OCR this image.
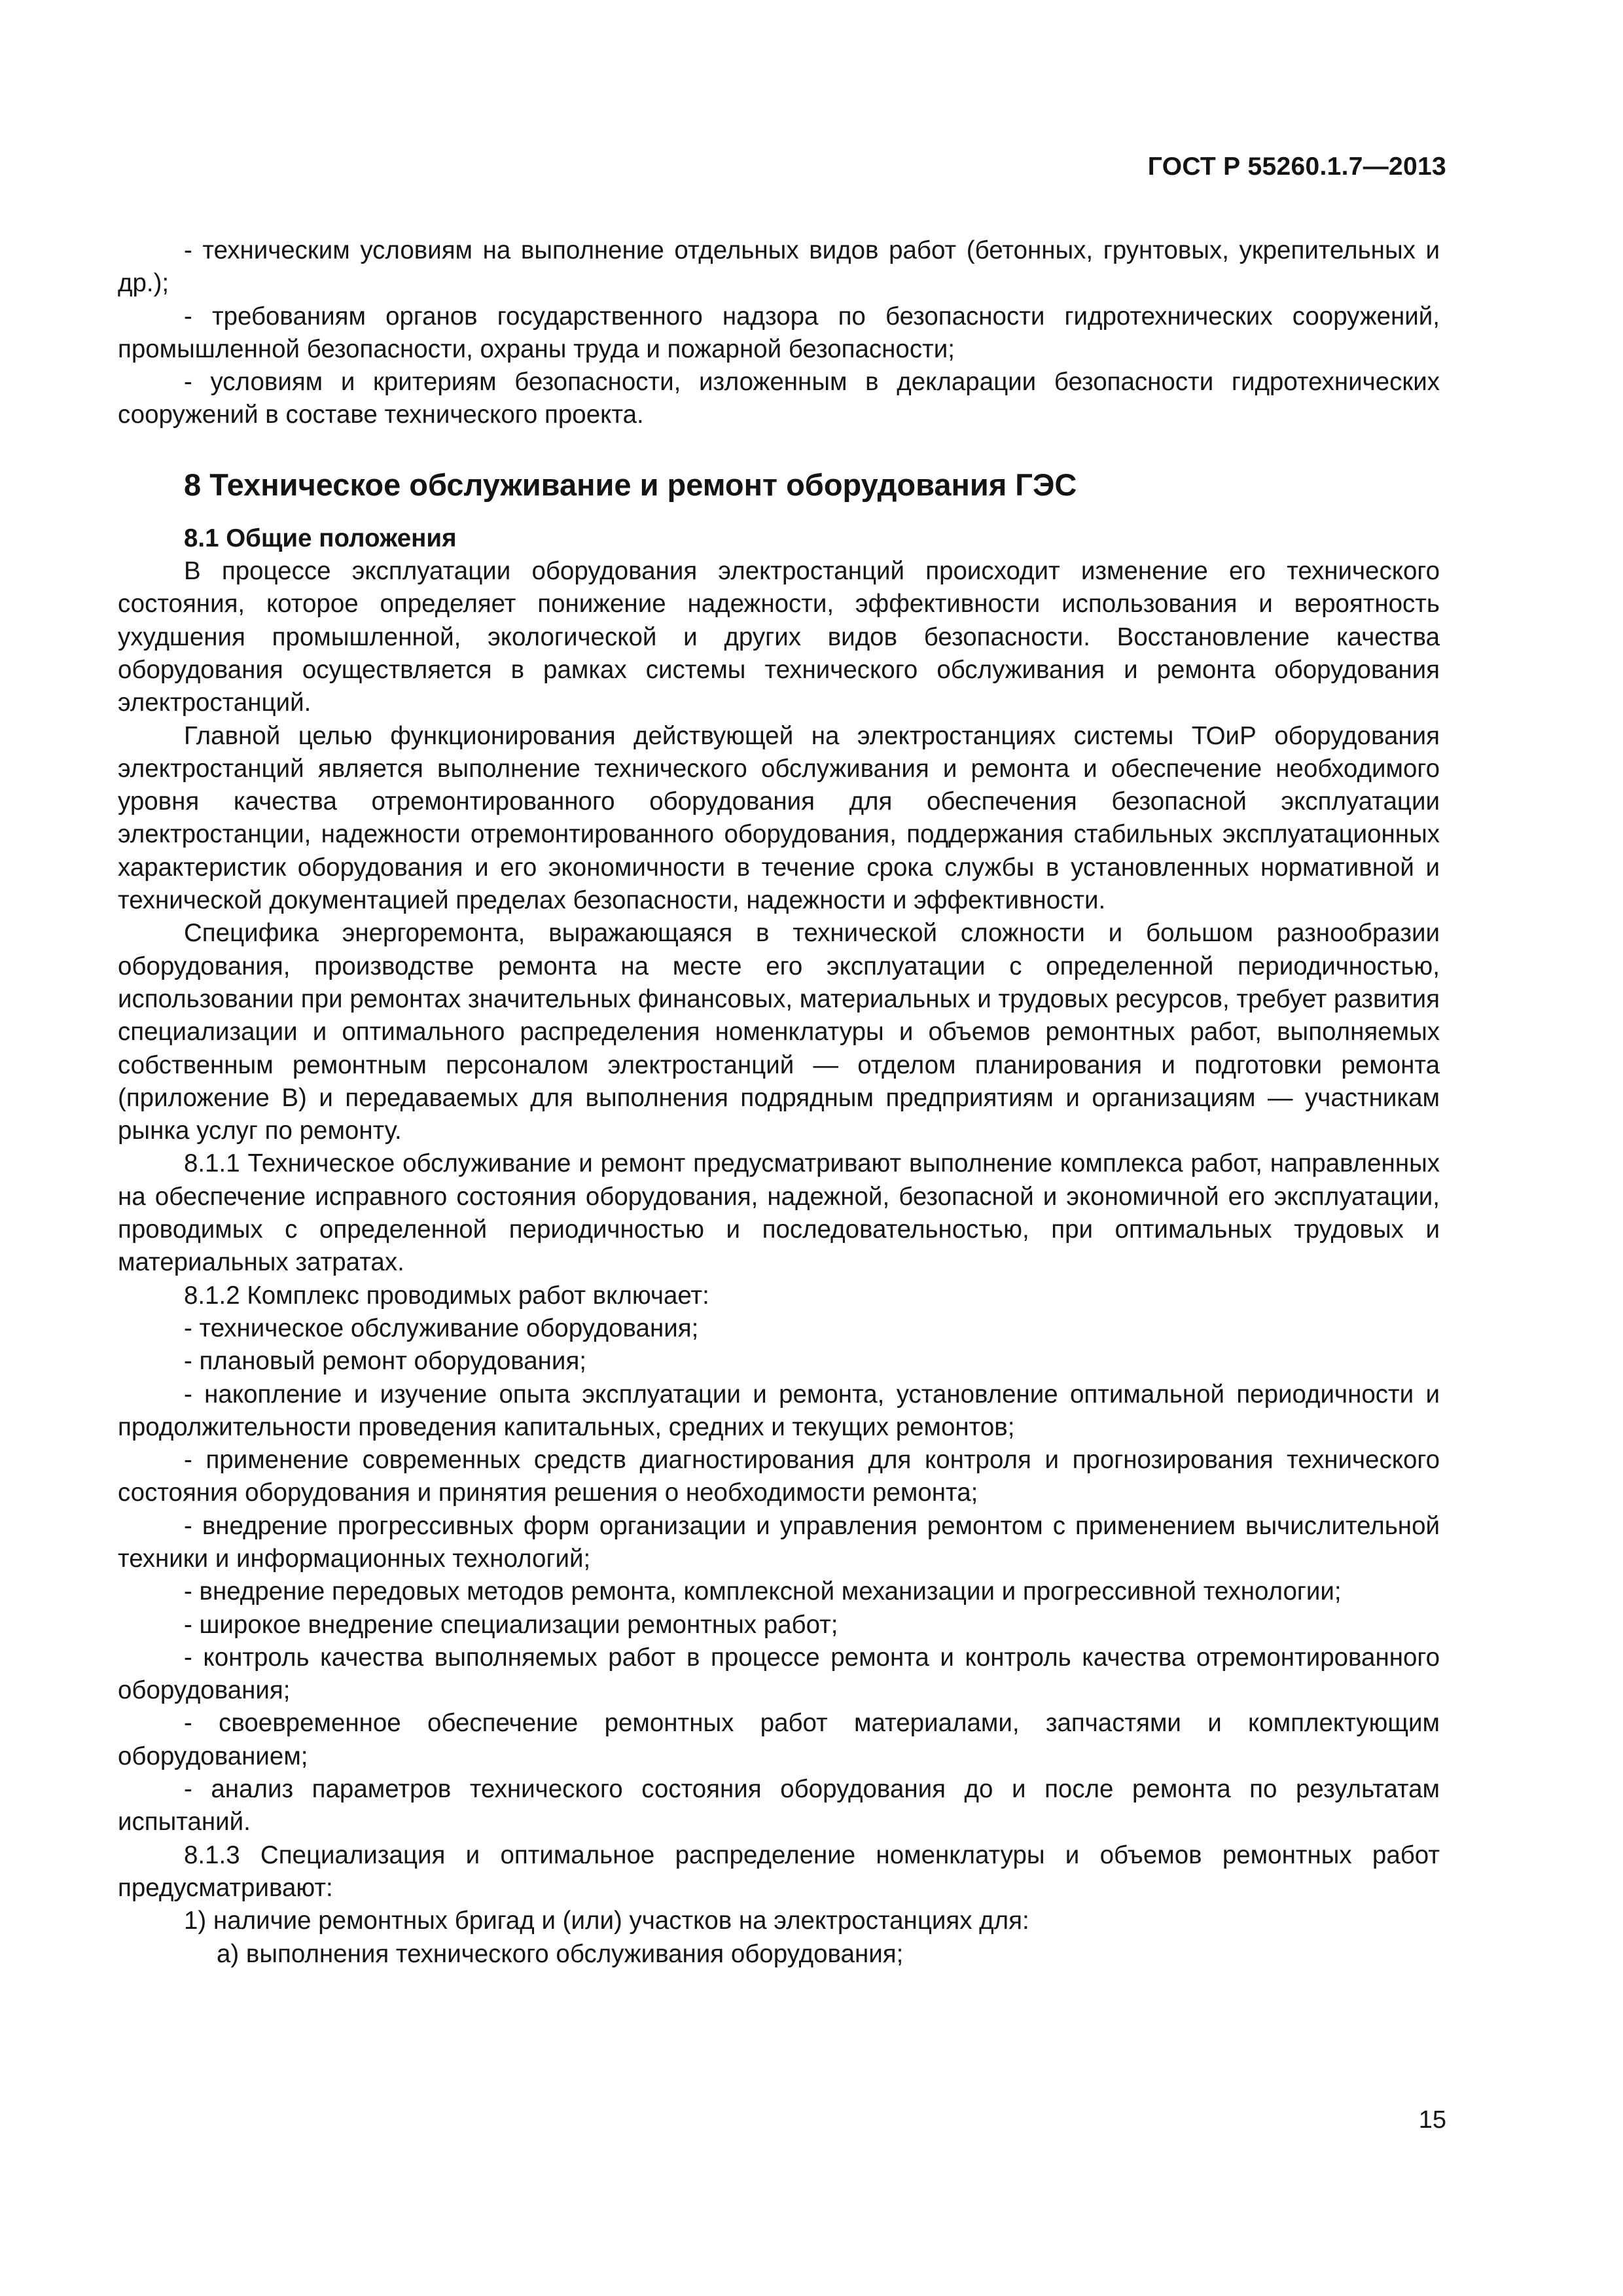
ГОСТ Р 55260.1.7—2013

- техническим условиям на выполнение отдельных видов работ (бетонных, грунтовых, укрепительных и др.);

- требованиям органов государственного надзора по безопасности гидротехнических сооружений, промышленной безопасности, охраны труда и пожарной безопасности;

- условиям и критериям безопасности, изложенным в декларации безопасности гидротехнических сооружений в составе технического проекта.

8 Техническое обслуживание и ремонт оборудования ГЭС
8.1 Общие положения

В процессе эксплуатации оборудования электростанций происходит изменение его технического состояния, которое определяет понижение надежности, эффективности использования и вероятность ухудшения промышленной, экологической и других видов безопасности. Восстановление качества оборудования осуществляется в рамках системы технического обслуживания и ремонта оборудования электростанций.

Главной целью функционирования действующей на электростанциях системы ТОиР оборудования электростанций является выполнение технического обслуживания и ремонта и обеспечение необходимого уровня качества отремонтированного оборудования для обеспечения безопасной эксплуатации электростанции, надежности отремонтированного оборудования, поддержания стабильных эксплуатационных характеристик оборудования и его экономичности в течение срока службы в установленных нормативной и технической документацией пределах безопасности, надежности и эффективности.

Специфика энергоремонта, выражающаяся в технической сложности и большом разнообразии оборудования, производстве ремонта на месте его эксплуатации с определенной периодичностью, использовании при ремонтах значительных финансовых, материальных и трудовых ресурсов, требует развития специализации и оптимального распределения номенклатуры и объемов ремонтных работ, выполняемых собственным ремонтным персоналом электростанций — отделом планирования и подготовки ремонта (приложение В) и передаваемых для выполнения подрядным предприятиям и организациям — участникам рынка услуг по ремонту.

8.1.1 Техническое обслуживание и ремонт предусматривают выполнение комплекса работ, направленных на обеспечение исправного состояния оборудования, надежной, безопасной и экономичной его эксплуатации, проводимых с определенной периодичностью и последовательностью, при оптимальных трудовых и материальных затратах.

8.1.2 Комплекс проводимых работ включает:

- техническое обслуживание оборудования;

- плановый ремонт оборудования;

- накопление и изучение опыта эксплуатации и ремонта, установление оптимальной периодичности и продолжительности проведения капитальных, средних и текущих ремонтов;

- применение современных средств диагностирования для контроля и прогнозирования технического состояния оборудования и принятия решения о необходимости ремонта;

- внедрение прогрессивных форм организации и управления ремонтом с применением вычислительной техники и информационных технологий;

- внедрение передовых методов ремонта, комплексной механизации и прогрессивной технологии;

- широкое внедрение специализации ремонтных работ;

- контроль качества выполняемых работ в процессе ремонта и контроль качества отремонтированного оборудования;

- своевременное обеспечение ремонтных работ материалами, запчастями и комплектующим оборудованием;

- анализ параметров технического состояния оборудования до и после ремонта по результатам испытаний.

8.1.3 Специализация и оптимальное распределение номенклатуры и объемов ремонтных работ предусматривают:

1) наличие ремонтных бригад и (или) участков на электростанциях для:

а) выполнения технического обслуживания оборудования;

15
